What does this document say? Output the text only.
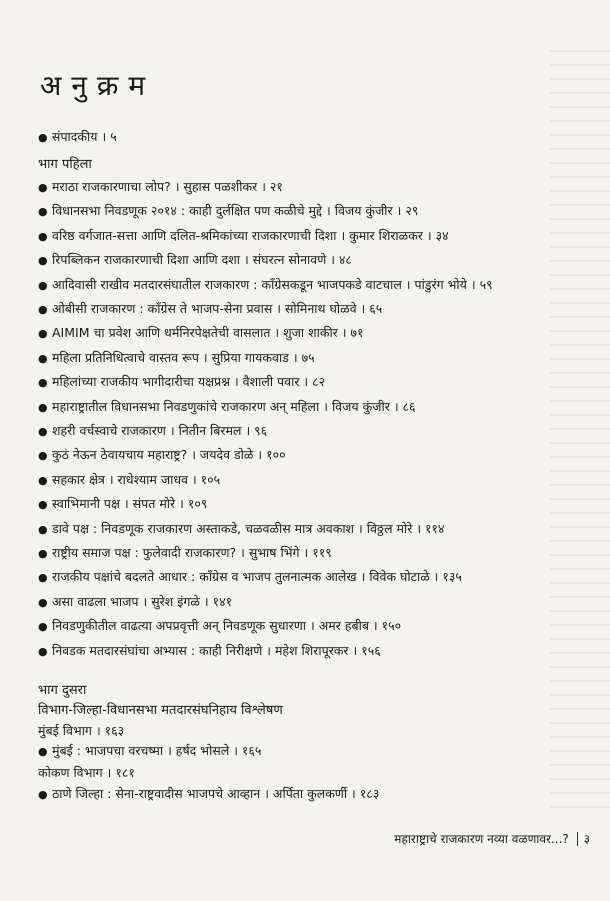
अनुक्रम
● संपादकीय । ५
भाग पहिला
● मराठा राजकारणाचा लोप? । सुहास पळशीकर । २१
● विधानसभा निवडणूक २०१४ : काही दुर्लक्षित पण कळीचे मुद्दे । विजय कुंजीर । २९
● वरिष्ठ वर्गजात-सत्ता आणि दलित-श्रमिकांच्या राजकारणाची दिशा । कुमार शिराळकर । ३४
● रिपब्लिकन राजकारणाची दिशा आणि दशा । संघरत्न सोनावणे । ४८
● आदिवासी राखीव मतदारसंघातील राजकारण : काँग्रेसकडून भाजपकडे वाटचाल । पांडुरंग भोये । ५९
● ओबीसी राजकारण : काँग्रेस ते भाजप-सेना प्रवास । सोमिनाथ घोळवे । ६५
● AIMIM चा प्रवेश आणि धर्मनिरपेक्षतेची वासलात । शुजा शाकीर । ७१
● महिला प्रतिनिधित्वाचे वास्तव रूप । सुप्रिया गायकवाड । ७५
● महिलांच्या राजकीय भागीदारीचा यक्षप्रश्न । वैशाली पवार । ८२
● महाराष्ट्रातील विधानसभा निवडणुकांचे राजकारण अन् महिला । विजय कुंजीर । ८६
● शहरी वर्चस्वाचे राजकारण । नितीन बिरमल । ९६
● कुठं नेऊन ठेवायचाय महाराष्ट्र? । जयदेव डोळे । १००
● सहकार क्षेत्र । राधेश्याम जाधव । १०५
● स्वाभिमानी पक्ष । संपत मोरे । १०९
● डावे पक्ष : निवडणूक राजकारण अस्ताकडे, चळवळीस मात्र अवकाश । विठ्ठल मोरे । ११४
● राष्ट्रीय समाज पक्ष : फुलेवादी राजकारण? । सुभाष भिंगे । ११९
● राजकीय पक्षांचे बदलते आधार : काँग्रेस व भाजप तुलनात्मक आलेख । विवेक घोटाळे । १३५
● असा वाढला भाजप । सुरेश इंगळे । १४१
● निवडणुकीतील वाढत्या अपप्रवृत्ती अन् निवडणूक सुधारणा । अमर हबीब । १५०
● निवडक मतदारसंघांचा अभ्यास : काही निरीक्षणे । महेश शिरापूरकर । १५६
भाग दुसरा
विभाग-जिल्हा-विधानसभा मतदारसंघनिहाय विश्लेषण
मुंबई विभाग । १६३
● मुंबई : भाजपचा वरचष्मा । हर्षद भोसले । १६५
कोकण विभाग । १८१
● ठाणे जिल्हा : सेना-राष्ट्रवादीस भाजपचे आव्हान । अर्पिता कुलकर्णी । १८३
महाराष्ट्राचे राजकारण नव्या वळणावर...? ३
